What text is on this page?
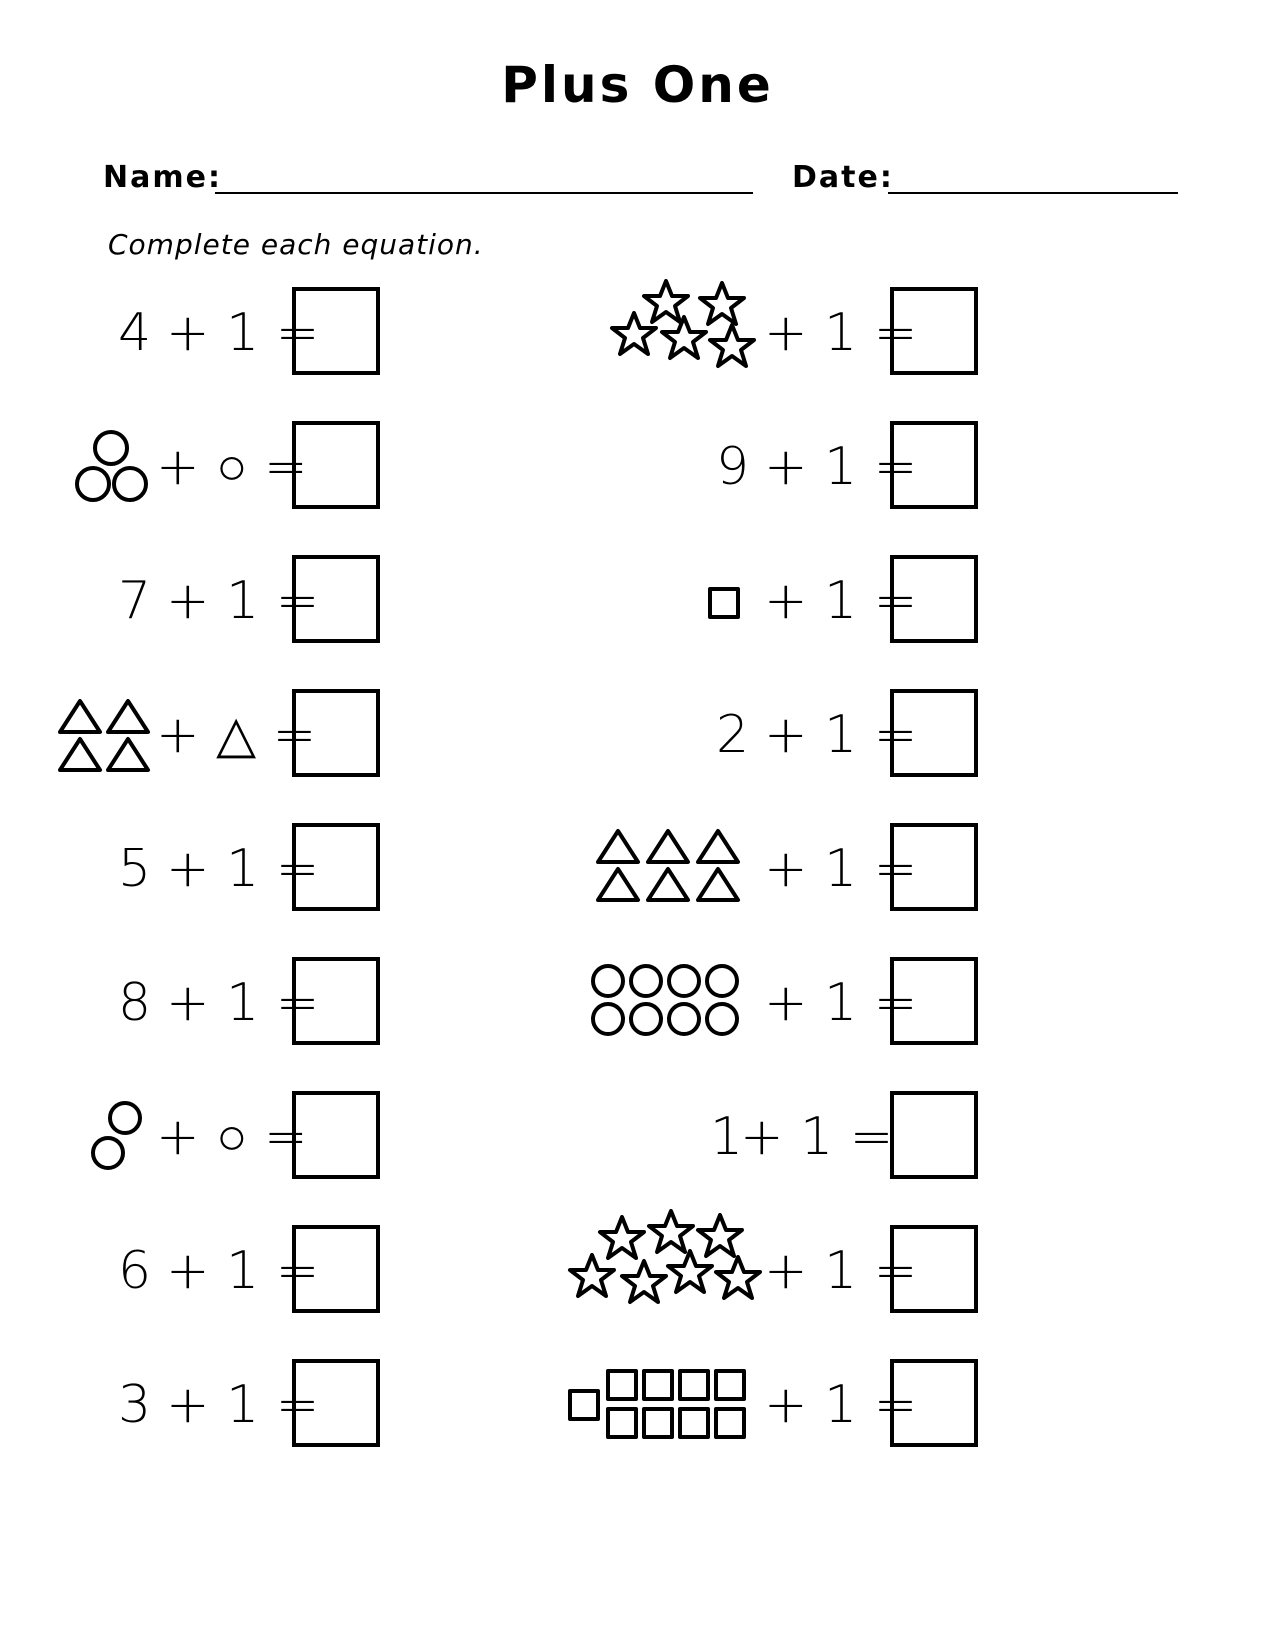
Plus One
Name:	Date:
Complete each equation.
4 + 1 =
+ ○ =
7 + 1 =
+ △ =
5 + 1 =
8 + 1 =
+ ○ =
6 + 1 =
3 + 1 =
+ 1 =
9 + 1 =
+ 1 =
2 + 1 =
+ 1 =
+ 1 =
1
+ 1 =
+ 1 =
+ 1 =
